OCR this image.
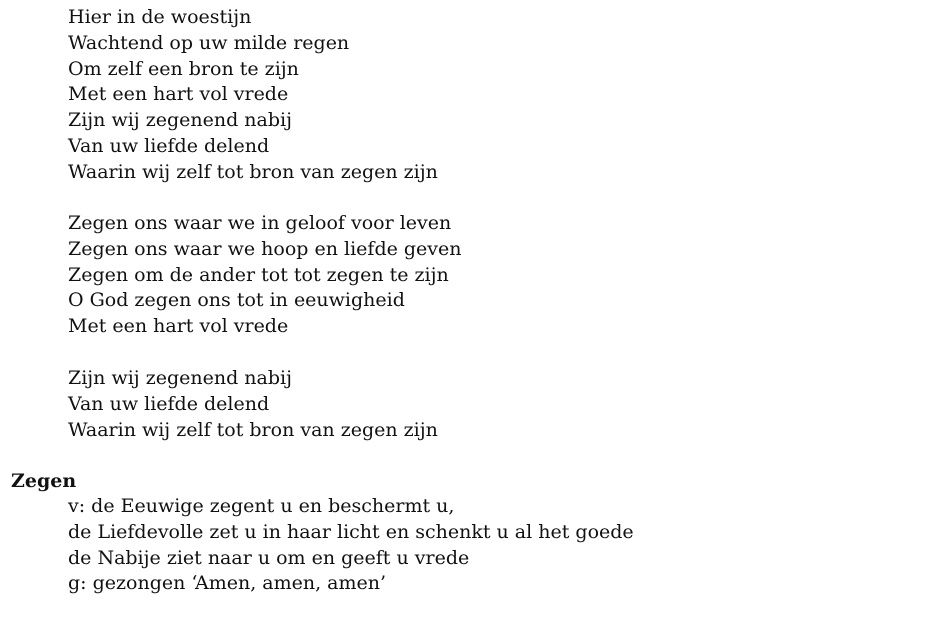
Hier in de woestijn
Wachtend op uw milde regen
Om zelf een bron te zijn
Met een hart vol vrede
Zijn wij zegenend nabij
Van uw liefde delend
Waarin wij zelf tot bron van zegen zijn
Zegen ons waar we in geloof voor leven
Zegen ons waar we hoop en liefde geven
Zegen om de ander tot tot zegen te zijn
O God zegen ons tot in eeuwigheid
Met een hart vol vrede
Zijn wij zegenend nabij
Van uw liefde delend
Waarin wij zelf tot bron van zegen zijn
Zegen
v: de Eeuwige zegent u en beschermt u,
de Liefdevolle zet u in haar licht en schenkt u al het goede
de Nabije ziet naar u om en geeft u vrede
g: gezongen ‘Amen, amen, amen’
